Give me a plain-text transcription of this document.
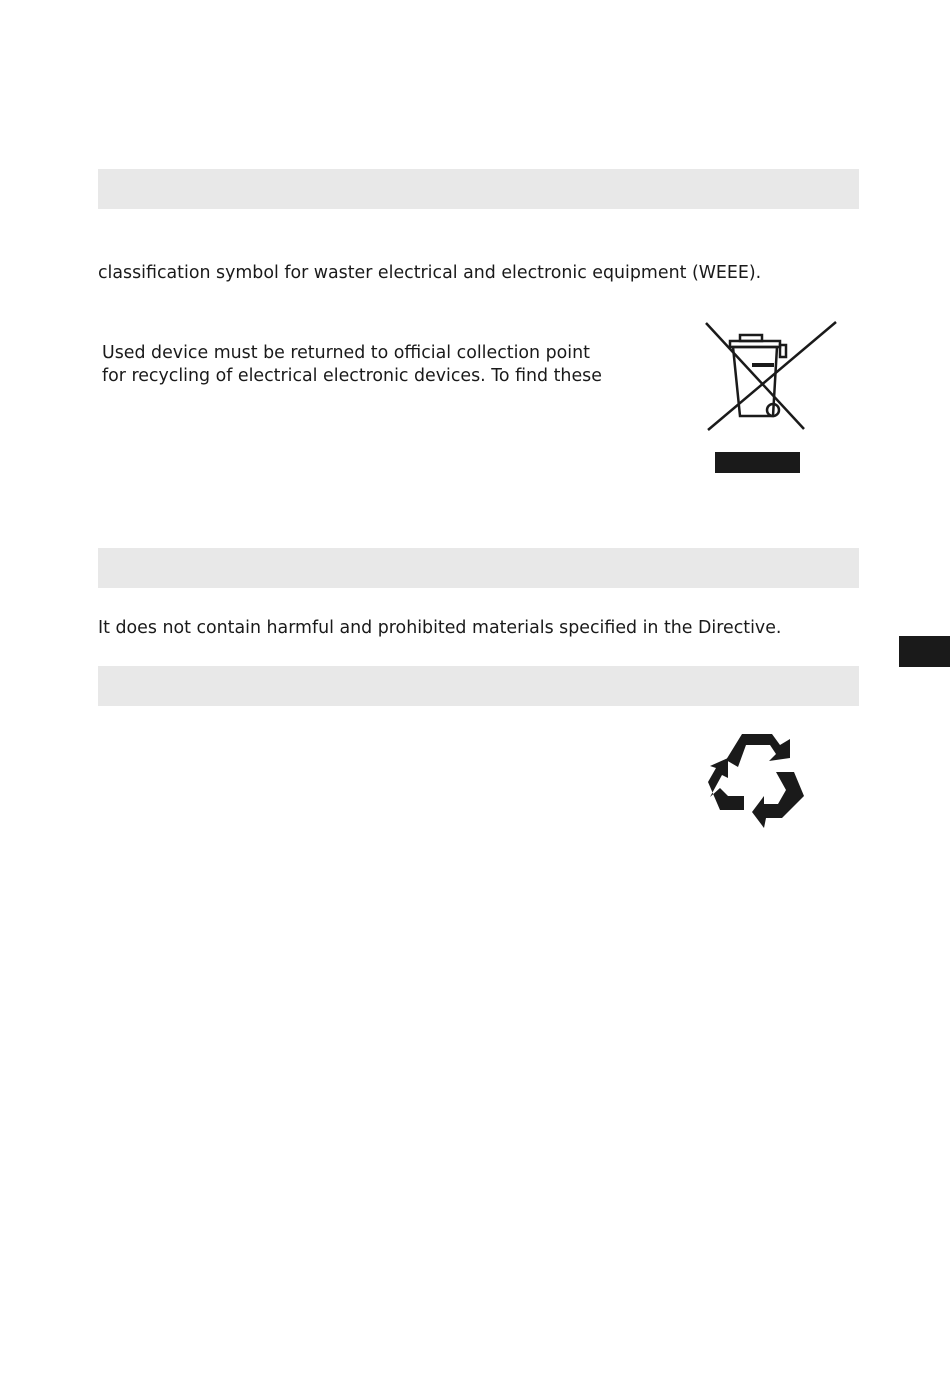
classification symbol for waster electrical and electronic equipment (WEEE).
Used device must be returned to official collection point
for recycling of electrical electronic devices. To find these
It does not contain harmful and prohibited materials specified in the Directive.
